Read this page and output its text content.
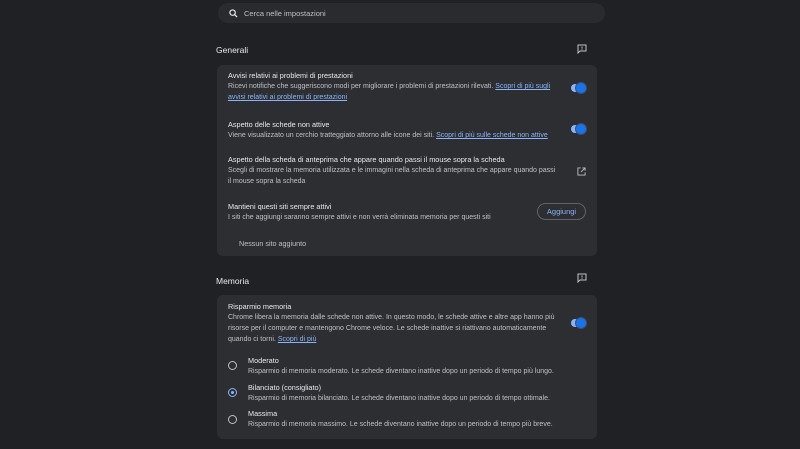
Cerca nelle impostazioni
Generali
Avvisi relativi ai problemi di prestazioni
Ricevi notifiche che suggeriscono modi per migliorare i problemi di prestazioni rilevati. Scopri di più sugli avvisi relativi ai problemi di prestazioni
Aspetto delle schede non attive
Viene visualizzato un cerchio tratteggiato attorno alle icone dei siti. Scopri di più sulle schede non attive
Aspetto della scheda di anteprima che appare quando passi il mouse sopra la scheda
Scegli di mostrare la memoria utilizzata e le immagini nella scheda di anteprima che appare quando passi il mouse sopra la scheda
Mantieni questi siti sempre attivi
I siti che aggiungi saranno sempre attivi e non verrà eliminata memoria per questi siti
Aggiungi
Nessun sito aggiunto
Memoria
Risparmio memoria
Chrome libera la memoria dalle schede non attive. In questo modo, le schede attive e altre app hanno più risorse per il computer e mantengono Chrome veloce. Le schede inattive si riattivano automaticamente quando ci torni. Scopri di più
Moderato
Risparmio di memoria moderato. Le schede diventano inattive dopo un periodo di tempo più lungo.
Bilanciato (consigliato)
Risparmio di memoria bilanciato. Le schede diventano inattive dopo un periodo di tempo ottimale.
Massima
Risparmio di memoria massimo. Le schede diventano inattive dopo un periodo di tempo più breve.
